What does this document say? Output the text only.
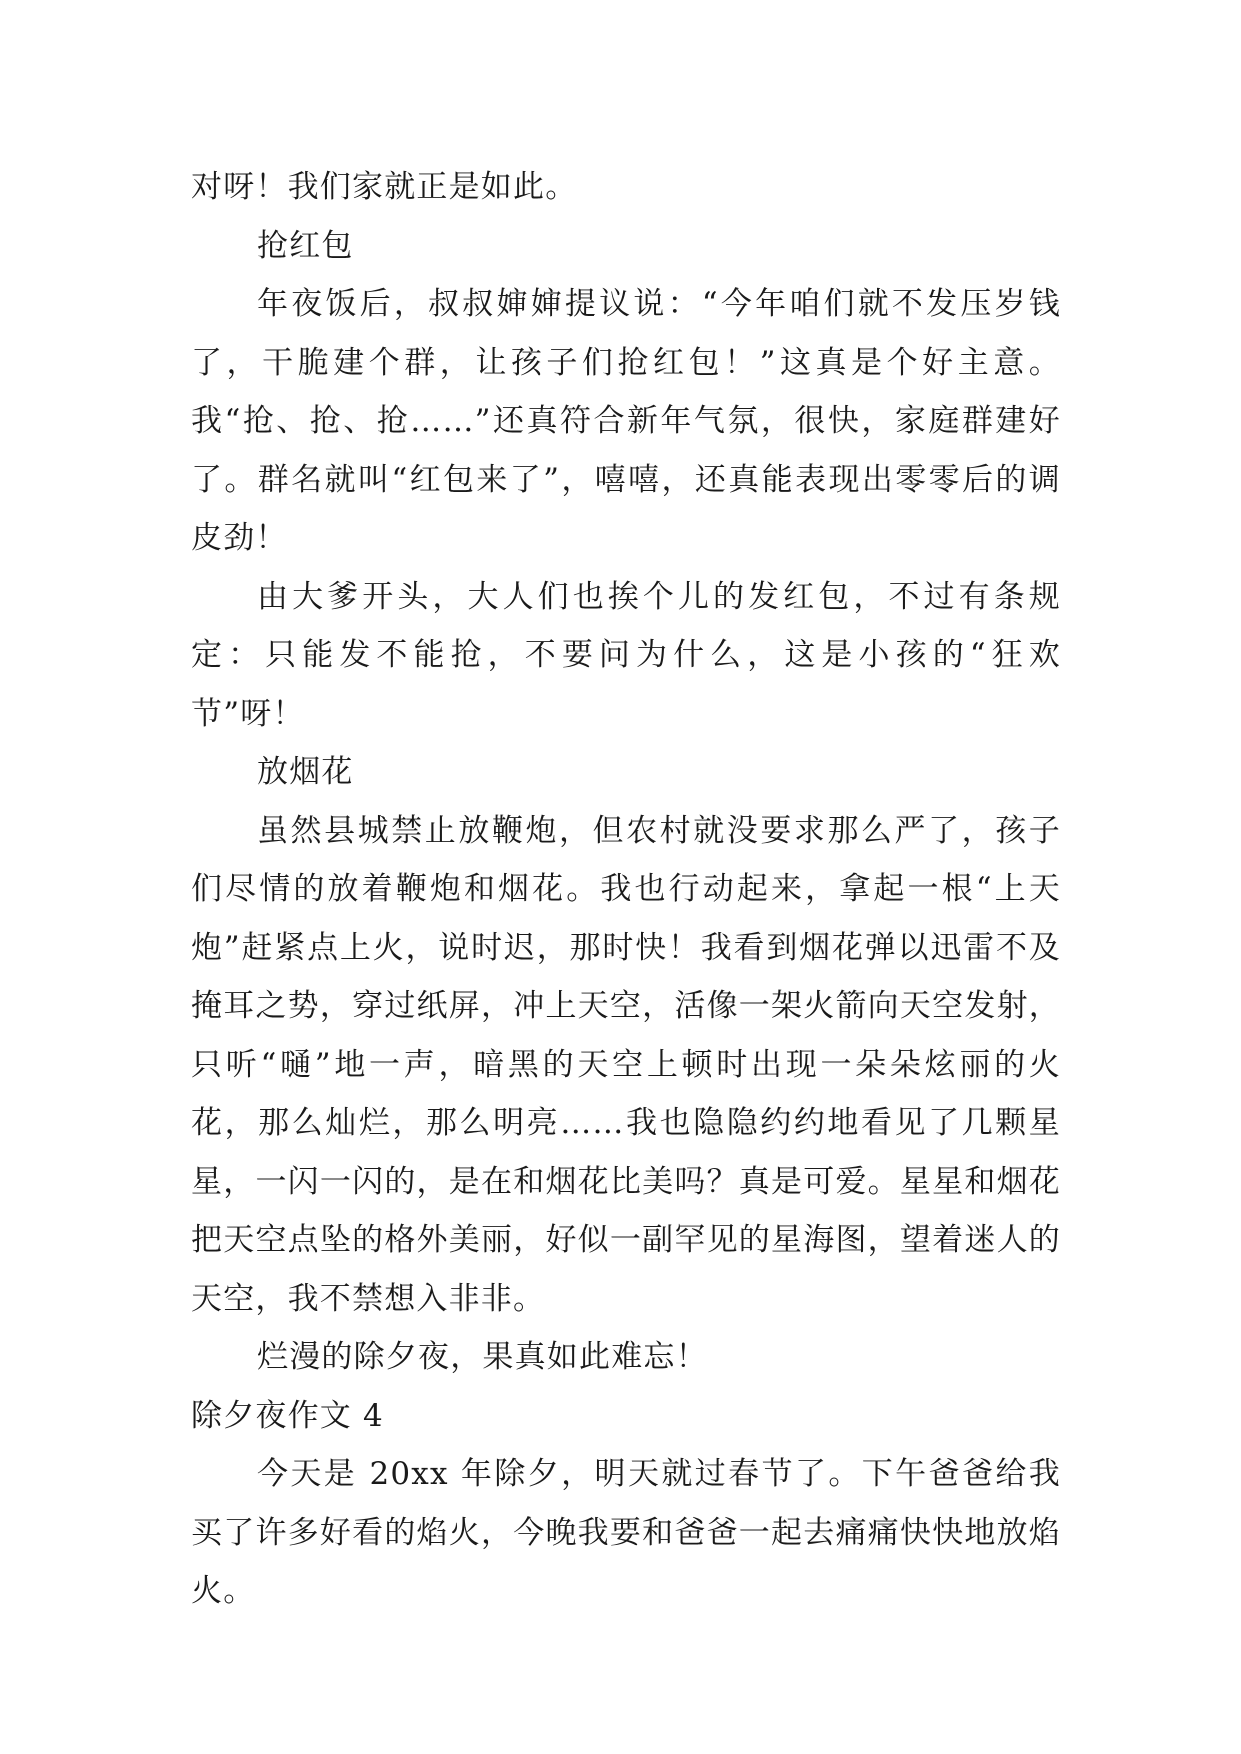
对呀！我们家就正是如此。

抢红包

年夜饭后，叔叔婶婶提议说：“今年咱们就不发压岁钱了，干脆建个群，让孩子们抢红包！”这真是个好主意。我“抢、抢、抢……”还真符合新年气氛，很快，家庭群建好了。群名就叫“红包来了”，嘻嘻，还真能表现出零零后的调皮劲！

由大爹开头，大人们也挨个儿的发红包，不过有条规定：只能发不能抢，不要问为什么，这是小孩的“狂欢节”呀！

放烟花

虽然县城禁止放鞭炮，但农村就没要求那么严了，孩子们尽情的放着鞭炮和烟花。我也行动起来，拿起一根“上天炮”赶紧点上火，说时迟，那时快！我看到烟花弹以迅雷不及掩耳之势，穿过纸屏，冲上天空，活像一架火箭向天空发射，只听“嗵”地一声，暗黑的天空上顿时出现一朵朵炫丽的火花，那么灿烂，那么明亮……我也隐隐约约地看见了几颗星星，一闪一闪的，是在和烟花比美吗？真是可爱。星星和烟花把天空点坠的格外美丽，好似一副罕见的星海图，望着迷人的天空，我不禁想入非非。

烂漫的除夕夜，果真如此难忘！

除夕夜作文 4

今天是 20xx 年除夕，明天就过春节了。下午爸爸给我买了许多好看的焰火，今晚我要和爸爸一起去痛痛快快地放焰火。
